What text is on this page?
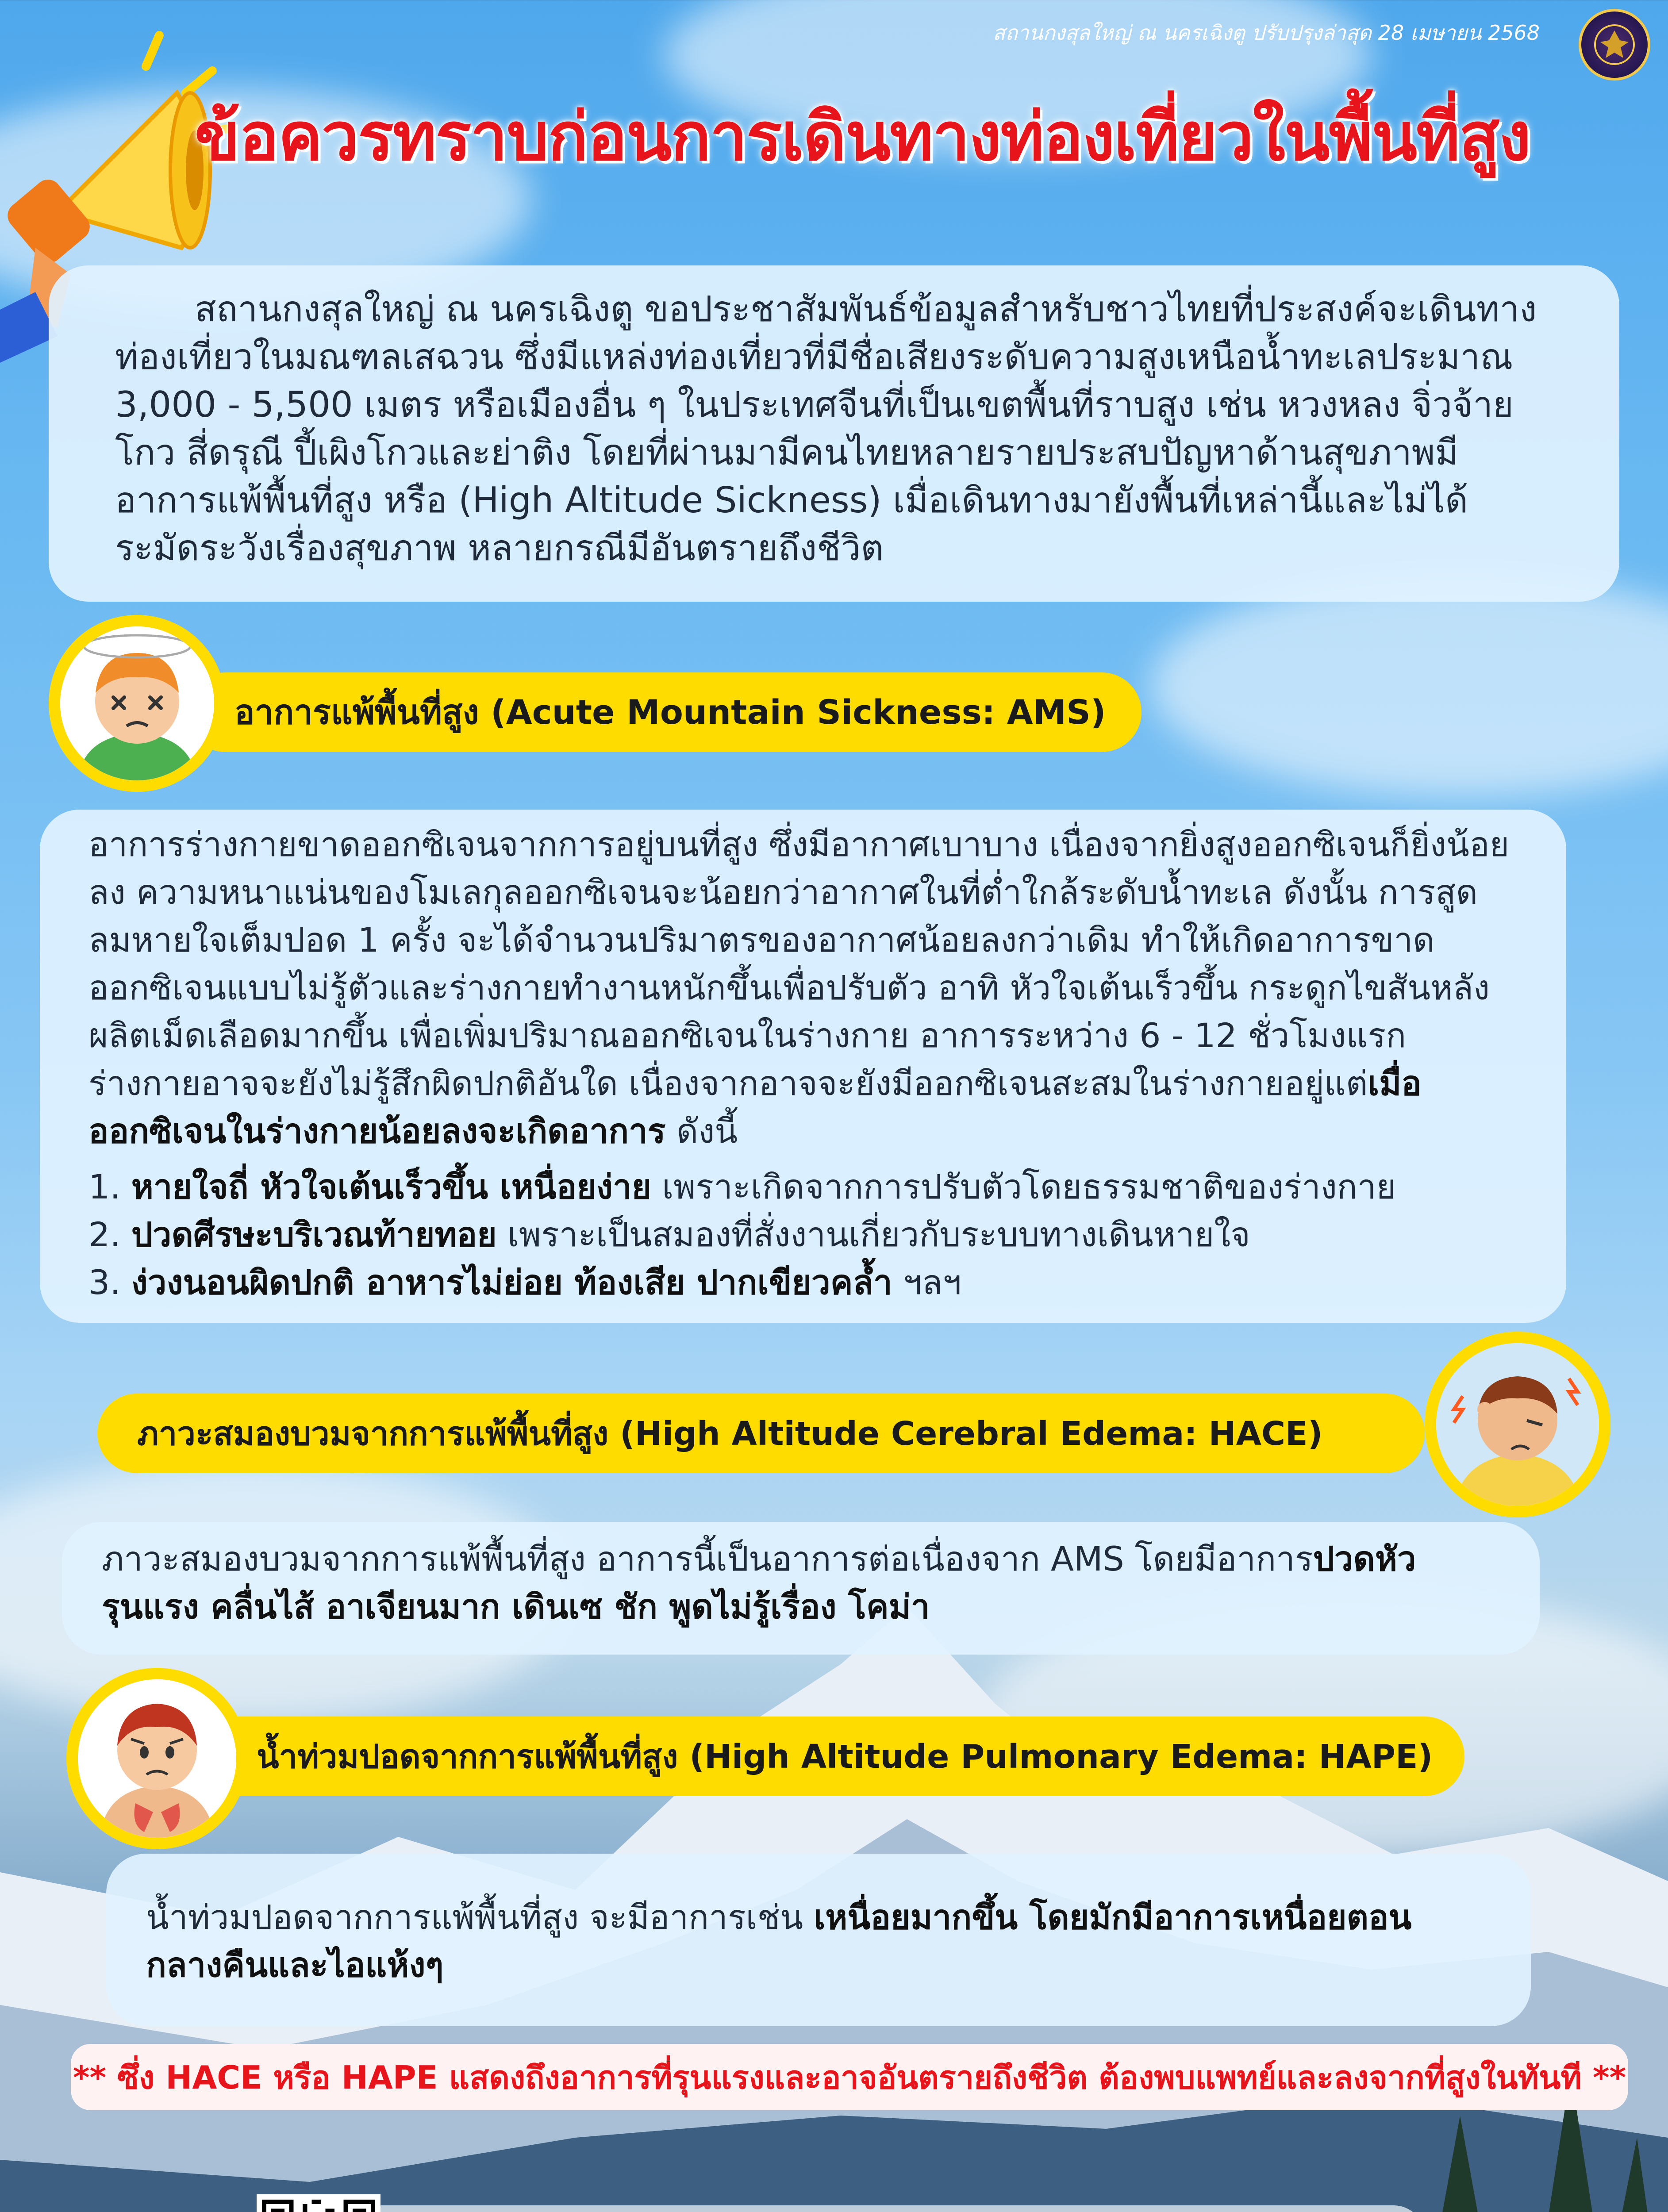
สถานกงสุลใหญ่ ณ นครเฉิงตู ปรับปรุงล่าสุด 28 เมษายน 2568
ข้อควรทราบก่อนการเดินทางท่องเที่ยวในพื้นที่สูง

สถานกงสุลใหญ่ ณ นครเฉิงตู ขอประชาสัมพันธ์ข้อมูลสำหรับชาวไทยที่ประสงค์จะเดินทางท่องเที่ยวในมณฑลเสฉวน ซึ่งมีแหล่งท่องเที่ยวที่มีชื่อเสียงระดับความสูงเหนือน้ำทะเลประมาณ 3,000 - 5,500 เมตร หรือเมืองอื่น ๆ ในประเทศจีนที่เป็นเขตพื้นที่ราบสูง เช่น หวงหลง จิ่วจ้ายโกว สี่ดรุณี ปี้เผิงโกวและย่าติง โดยที่ผ่านมามีคนไทยหลายรายประสบปัญหาด้านสุขภาพมีอาการแพ้พื้นที่สูง หรือ (High Altitude Sickness) เมื่อเดินทางมายังพื้นที่เหล่านี้และไม่ได้ระมัดระวังเรื่องสุขภาพ หลายกรณีมีอันตรายถึงชีวิต

อาการแพ้พื้นที่สูง (Acute Mountain Sickness: AMS)

อาการร่างกายขาดออกซิเจนจากการอยู่บนที่สูง ซึ่งมีอากาศเบาบาง เนื่องจากยิ่งสูงออกซิเจนก็ยิ่งน้อยลง ความหนาแน่นของโมเลกุลออกซิเจนจะน้อยกว่าอากาศในที่ต่ำใกล้ระดับน้ำทะเล ดังนั้น การสูดลมหายใจเต็มปอด 1 ครั้ง จะได้จำนวนปริมาตรของอากาศน้อยลงกว่าเดิม ทำให้เกิดอาการขาดออกซิเจนแบบไม่รู้ตัวและร่างกายทำงานหนักขึ้นเพื่อปรับตัว อาทิ หัวใจเต้นเร็วขึ้น กระดูกไขสันหลังผลิตเม็ดเลือดมากขึ้น เพื่อเพิ่มปริมาณออกซิเจนในร่างกาย อาการระหว่าง 6 - 12 ชั่วโมงแรก ร่างกายอาจจะยังไม่รู้สึกผิดปกติอันใด เนื่องจากอาจจะยังมีออกซิเจนสะสมในร่างกายอยู่แต่เมื่อออกซิเจนในร่างกายน้อยลงจะเกิดอาการ ดังนี้

1. หายใจถี่ หัวใจเต้นเร็วขึ้น เหนื่อยง่าย เพราะเกิดจากการปรับตัวโดยธรรมชาติของร่างกาย

2. ปวดศีรษะบริเวณท้ายทอย เพราะเป็นสมองที่สั่งงานเกี่ยวกับระบบทางเดินหายใจ

3. ง่วงนอนผิดปกติ อาหารไม่ย่อย ท้องเสีย ปากเขียวคล้ำ ฯลฯ

ภาวะสมองบวมจากการแพ้พื้นที่สูง (High Altitude Cerebral Edema: HACE)

ภาวะสมองบวมจากการแพ้พื้นที่สูง อาการนี้เป็นอาการต่อเนื่องจาก AMS โดยมีอาการปวดหัวรุนแรง คลื่นไส้ อาเจียนมาก เดินเซ ชัก พูดไม่รู้เรื่อง โคม่า

น้ำท่วมปอดจากการแพ้พื้นที่สูง (High Altitude Pulmonary Edema: HAPE)

น้ำท่วมปอดจากการแพ้พื้นที่สูง จะมีอาการเช่น เหนื่อยมากขึ้น โดยมักมีอาการเหนื่อยตอนกลางคืนและไอแห้งๆ

** ซึ่ง HACE หรือ HAPE แสดงถึงอาการที่รุนแรงและอาจอันตรายถึงชีวิต ต้องพบแพทย์และลงจากที่สูงในทันที **
